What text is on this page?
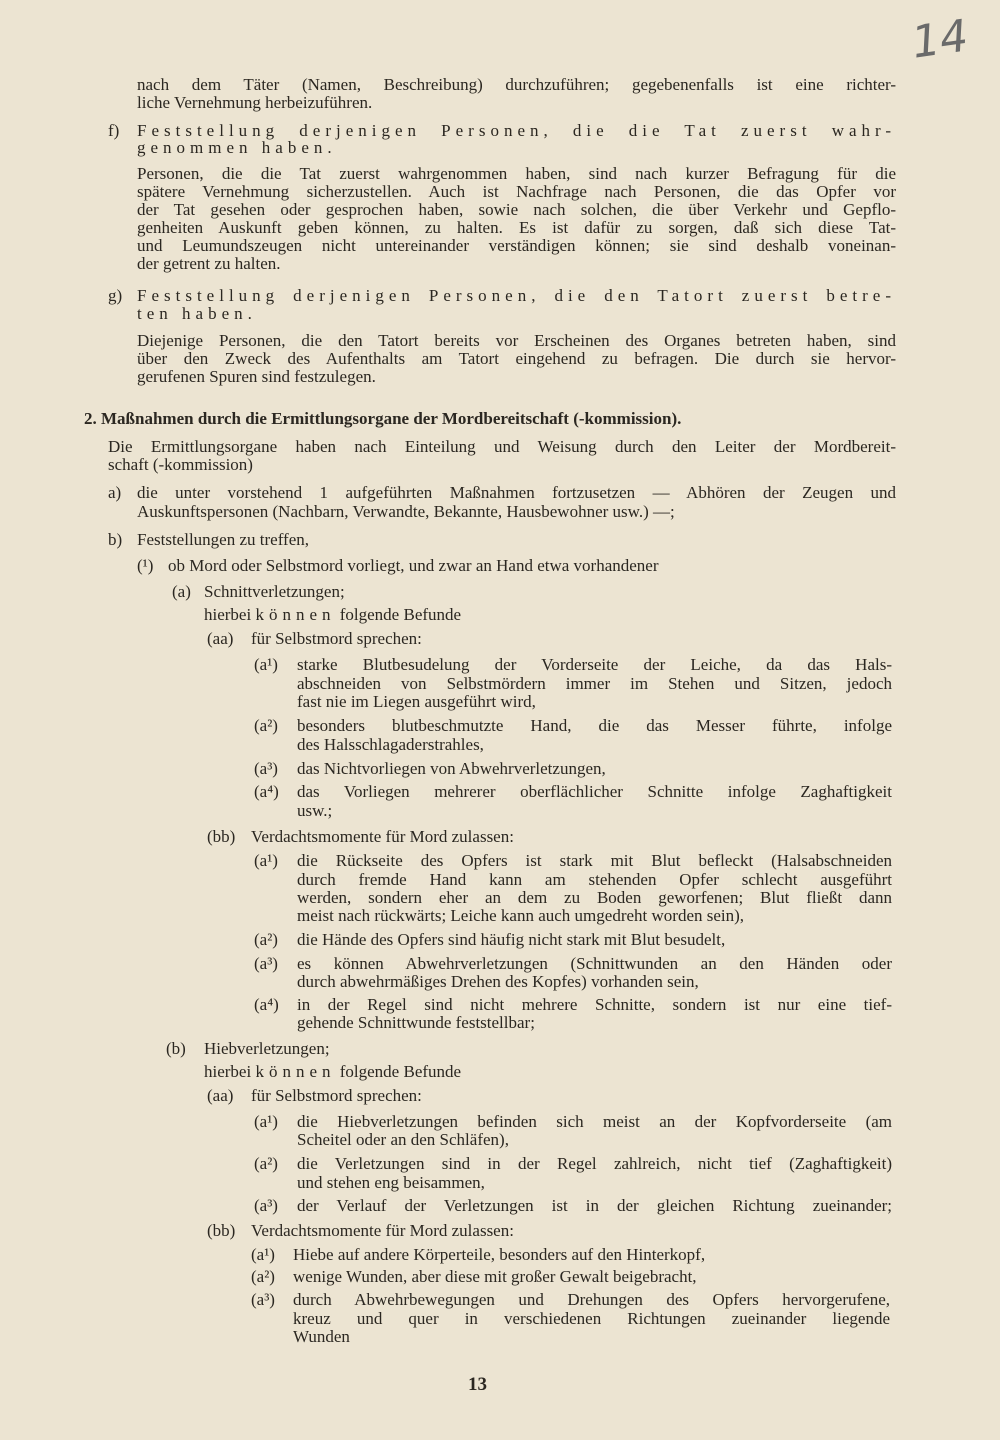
14
nach dem Täter (Namen, Beschreibung) durchzuführen; gegebenenfalls ist eine richter-
liche Vernehmung herbeizuführen.
f) Feststellung derjenigen Personen, die die Tat zuerst wahr-
genommen haben.
Personen, die die Tat zuerst wahrgenommen haben, sind nach kurzer Befragung für die
spätere Vernehmung sicherzustellen. Auch ist Nachfrage nach Personen, die das Opfer vor
der Tat gesehen oder gesprochen haben, sowie nach solchen, die über Verkehr und Gepflo-
genheiten Auskunft geben können, zu halten. Es ist dafür zu sorgen, daß sich diese Tat-
und Leumundszeugen nicht untereinander verständigen können; sie sind deshalb voneinan-
der getrent zu halten.
g) Feststellung derjenigen Personen, die den Tatort zuerst betre-
ten haben.
Diejenige Personen, die den Tatort bereits vor Erscheinen des Organes betreten haben, sind
über den Zweck des Aufenthalts am Tatort eingehend zu befragen. Die durch sie hervor-
gerufenen Spuren sind festzulegen.
2. Maßnahmen durch die Ermittlungsorgane der Mordbereitschaft (-kommission).
Die Ermittlungsorgane haben nach Einteilung und Weisung durch den Leiter der Mordbereit-
schaft (-kommission)
a) die unter vorstehend 1 aufgeführten Maßnahmen fortzusetzen — Abhören der Zeugen und
Auskunftspersonen (Nachbarn, Verwandte, Bekannte, Hausbewohner usw.) —;
b) Feststellungen zu treffen,
(¹) ob Mord oder Selbstmord vorliegt, und zwar an Hand etwa vorhandener
(a) Schnittverletzungen;
hierbei können folgende Befunde
(aa) für Selbstmord sprechen:
(a¹) starke Blutbesudelung der Vorderseite der Leiche, da das Hals-
abschneiden von Selbstmördern immer im Stehen und Sitzen, jedoch
fast nie im Liegen ausgeführt wird,
(a²) besonders blutbeschmutzte Hand, die das Messer führte, infolge
des Halsschlagaderstrahles,
(a³) das Nichtvorliegen von Abwehrverletzungen,
(a⁴) das Vorliegen mehrerer oberflächlicher Schnitte infolge Zaghaftigkeit
usw.;
(bb) Verdachtsmomente für Mord zulassen:
(a¹) die Rückseite des Opfers ist stark mit Blut befleckt (Halsabschneiden
durch fremde Hand kann am stehenden Opfer schlecht ausgeführt
werden, sondern eher an dem zu Boden geworfenen; Blut fließt dann
meist nach rückwärts; Leiche kann auch umgedreht worden sein),
(a²) die Hände des Opfers sind häufig nicht stark mit Blut besudelt,
(a³) es können Abwehrverletzungen (Schnittwunden an den Händen oder
durch abwehrmäßiges Drehen des Kopfes) vorhanden sein,
(a⁴) in der Regel sind nicht mehrere Schnitte, sondern ist nur eine tief-
gehende Schnittwunde feststellbar;
(b) Hiebverletzungen;
hierbei können folgende Befunde
(aa) für Selbstmord sprechen:
(a¹) die Hiebverletzungen befinden sich meist an der Kopfvorderseite (am
Scheitel oder an den Schläfen),
(a²) die Verletzungen sind in der Regel zahlreich, nicht tief (Zaghaftigkeit)
und stehen eng beisammen,
(a³) der Verlauf der Verletzungen ist in der gleichen Richtung zueinander;
(bb) Verdachtsmomente für Mord zulassen:
(a¹) Hiebe auf andere Körperteile, besonders auf den Hinterkopf,
(a²) wenige Wunden, aber diese mit großer Gewalt beigebracht,
(a³) durch Abwehrbewegungen und Drehungen des Opfers hervorgerufene,
kreuz und quer in verschiedenen Richtungen zueinander liegende
Wunden
13
